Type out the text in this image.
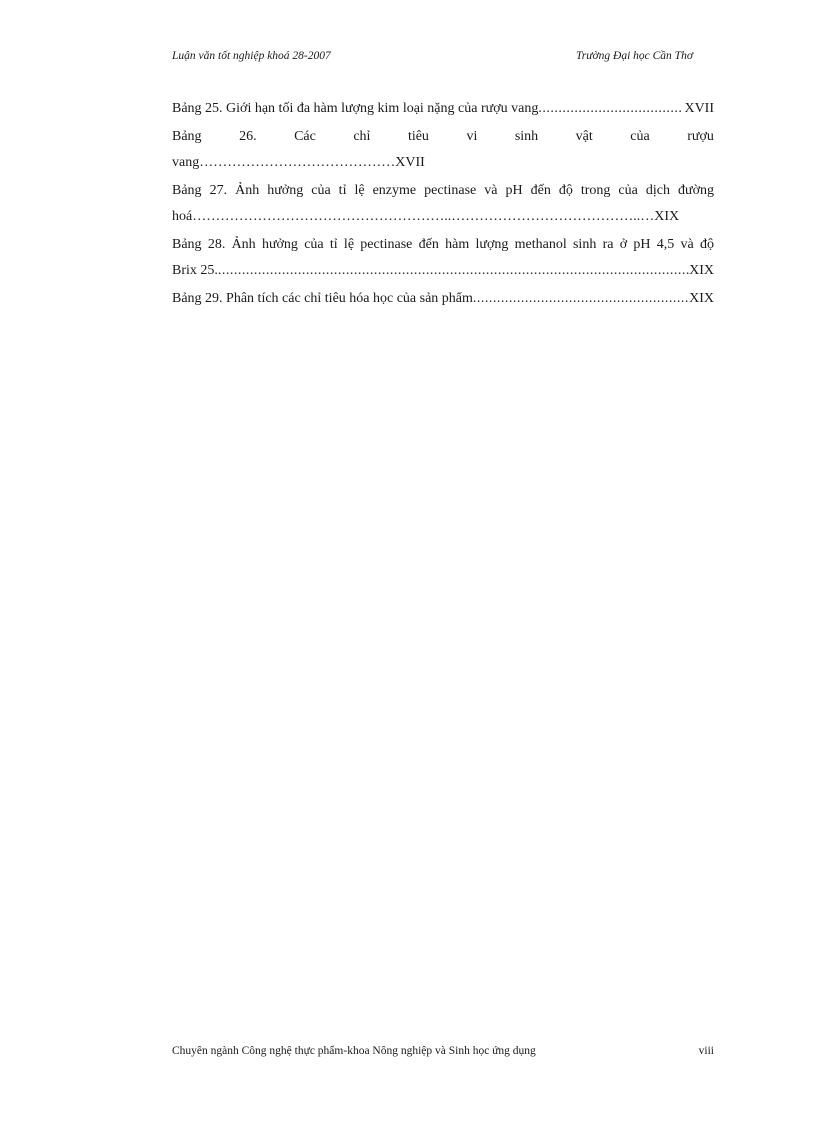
Luận văn tốt nghiệp khoá 28-2007	Trường Đại học Cần Thơ
Bảng 25. Giới hạn tối đa hàm lượng kim loại nặng của rượu vang .....	XVII
Bảng	26.	Các	chỉ	tiêu	vi	sinh	vật	của	rượu
vang……………………………………XVII
Bảng 27. Ảnh hưởng của tỉ lệ enzyme pectinase và pH đến độ trong của dịch đường
hoá………………………………………………..…………………………………..…XIX
Bảng 28. Ảnh hưởng của tỉ lệ pectinase đến hàm lượng methanol sinh ra ở pH 4,5 và độ
Brix 25. .....	XIX
Bảng 29. Phân tích các chỉ tiêu hóa học của sản phẩm .....	XIX
Chuyên ngành Công nghệ thực phẩm-khoa Nông nghiệp và Sinh học ứng dụng	viii
